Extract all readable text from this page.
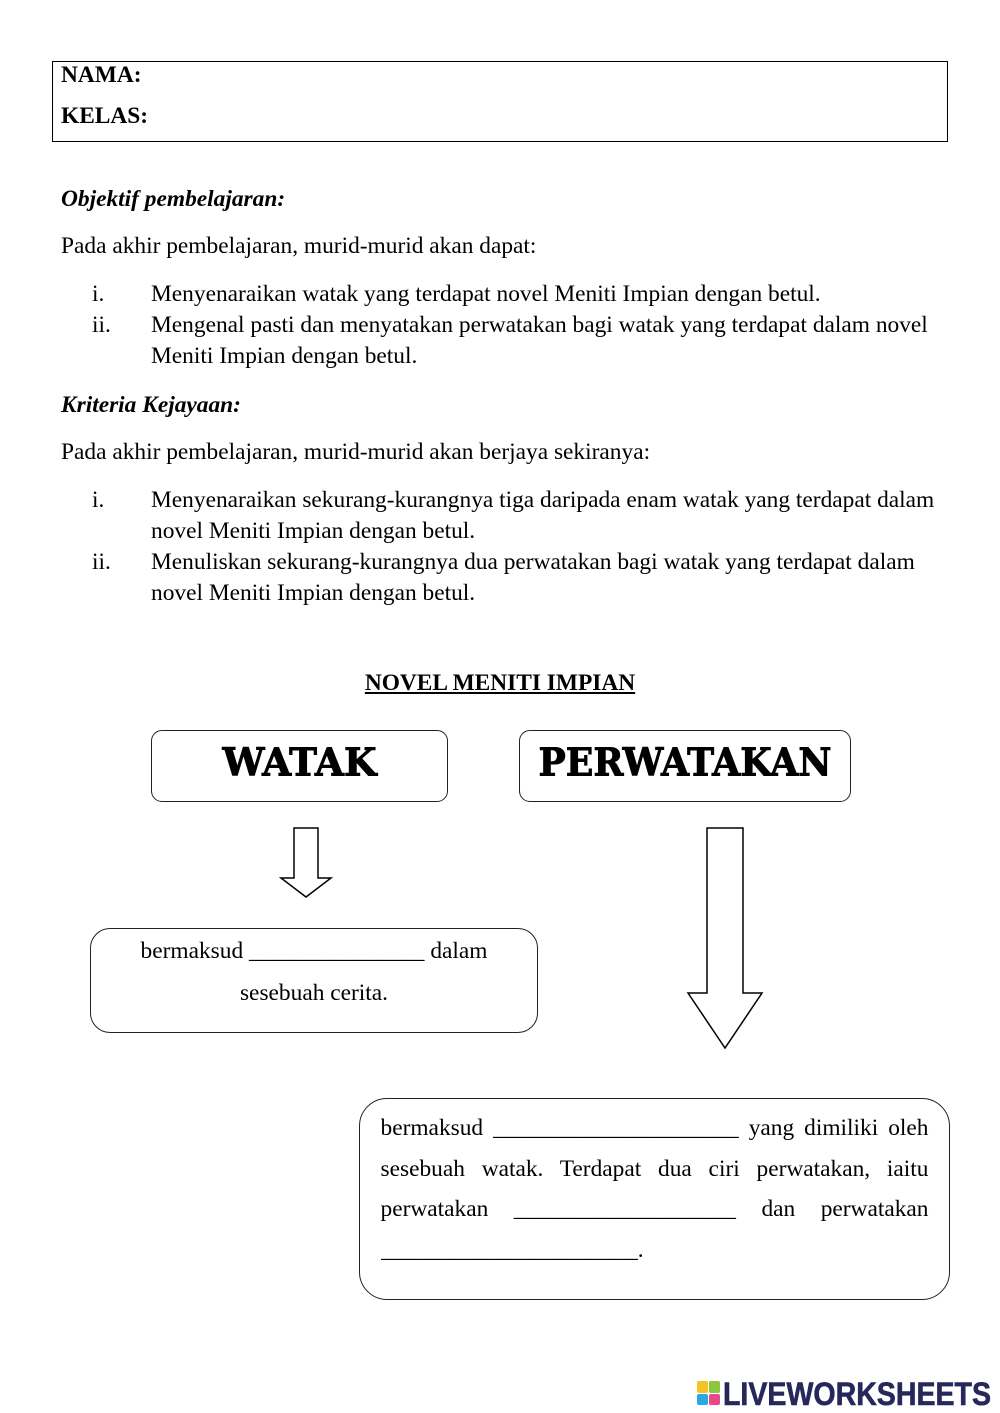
NAMA:
KELAS:
Objektif pembelajaran:
Pada akhir pembelajaran, murid-murid akan dapat:
i. Menyenaraikan watak yang terdapat novel Meniti Impian dengan betul.
ii. Mengenal pasti dan menyatakan perwatakan bagi watak yang terdapat dalam novel
Meniti Impian dengan betul.
Kriteria Kejayaan:
Pada akhir pembelajaran, murid-murid akan berjaya sekiranya:
i. Menyenaraikan sekurang-kurangnya tiga daripada enam watak yang terdapat dalam
novel Meniti Impian dengan betul.
ii. Menuliskan sekurang-kurangnya dua perwatakan bagi watak yang terdapat dalam
novel Meniti Impian dengan betul.
NOVEL MENITI IMPIAN
WATAK	PERWATAKAN
bermaksud _______________ dalam
sesebuah cerita.
bermaksud _____________________ yang dimiliki oleh
sesebuah watak. Terdapat dua ciri perwatakan, iaitu
perwatakan ___________________ dan perwatakan
______________________.
LIVEWORKSHEETS
